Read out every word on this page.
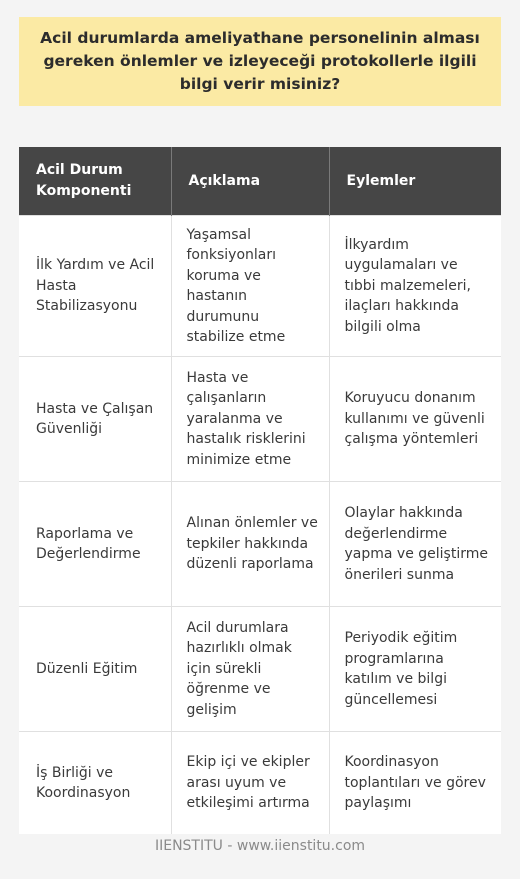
Acil durumlarda ameliyathane personelinin alması gereken önlemler ve izleyeceği protokollerle ilgili bilgi verir misiniz?
Acil Durum Komponenti	Açıklama	Eylemler
İlk Yardım ve Acil Hasta Stabilizasyonu	Yaşamsal fonksiyonları koruma ve hastanın durumunu stabilize etme	İlkyardım uygulamaları ve tıbbi malzemeleri, ilaçları hakkında bilgili olma
Hasta ve Çalışan Güvenliği	Hasta ve çalışanların yaralanma ve hastalık risklerini minimize etme	Koruyucu donanım kullanımı ve güvenli çalışma yöntemleri
Raporlama ve Değerlendirme	Alınan önlemler ve tepkiler hakkında düzenli raporlama	Olaylar hakkında değerlendirme yapma ve geliştirme önerileri sunma
Düzenli Eğitim	Acil durumlara hazırlıklı olmak için sürekli öğrenme ve gelişim	Periyodik eğitim programlarına katılım ve bilgi güncellemesi
İş Birliği ve Koordinasyon	Ekip içi ve ekipler arası uyum ve etkileşimi artırma	Koordinasyon toplantıları ve görev paylaşımı
IIENSTITU - www.iienstitu.com
